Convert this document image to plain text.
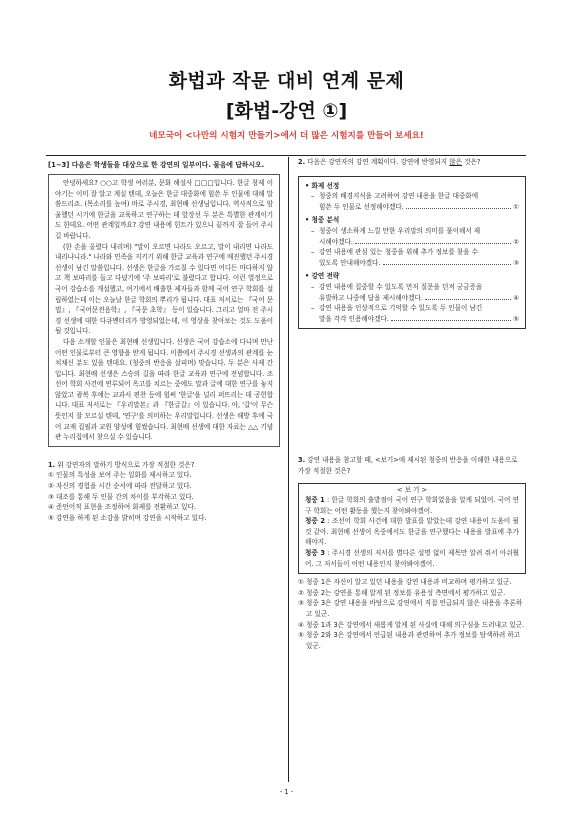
화법과 작문 대비 연계 문제
[화법-강연 ①]
네모국어 <나만의 시험지 만들기>에서 더 많은 시험지를 만들어 보세요!
[1~3] 다음은 학생들을 대상으로 한 강연의 일부이다. 물음에 답하시오.

안녕하세요? ○○고 학생 여러분, 문화 해설사 □□□입니다. 한글 창제 이야기는 이미 잘 알고 계실 텐데, 오늘은 한글 대중화에 힘쓴 두 인물에 대해 말씀드리죠. (목소리를 높여) 바로 주시경, 최현배 선생님입니다. 역사적으로 암울했던 시기에 한글을 교육하고 연구하는 데 앞장선 두 분은 특별한 관계이기도 한데요. 어떤 관계일까요? 강연 내용에 힌트가 있으니 끝까지 잘 들어 주시길 바랍니다.

(한 손을 올렸다 내리며) "말이 오르면 나라도 오르고, 말이 내리면 나라도 내리나니라." 나라와 민족을 지키기 위해 한글 교육과 연구에 매진했던 주시경 선생이 남긴 말씀입니다. 선생은 한글을 가르칠 수 있다면 어디든 마다하지 않고 책 보따리를 들고 다녔기에 '주 보따리'로 불렸다고 합니다. 이런 열정으로 국어 강습소를 개설했고, 여기에서 배출한 제자들과 함께 국어 연구 학회를 설립하였는데 이는 오늘날 한글 학회의 뿌리가 됩니다. 대표 저서로는 『국어 문법』, 『국어문전음학』, 『국문 초학』 등이 있습니다. 그리고 얼마 전 주시경 선생에 대한 다큐멘터리가 방영되었는데, 이 영상을 찾아보는 것도 도움이 될 것입니다.

다음 소개할 인물은 최현배 선생입니다. 선생은 국어 강습소에 다니며 만난 어떤 인물로부터 큰 영향을 받게 됩니다. 이쯤에서 주시경 선생과의 관계를 눈치채신 분도 있을 텐데요. (청중의 반응을 살피며) 맞습니다. 두 분은 사제 간입니다. 최현배 선생은 스승의 길을 따라 한글 교육과 연구에 전념합니다. 조선어 학회 사건에 연루되어 옥고를 치르는 중에도 말과 글에 대한 연구를 놓지 않았고 광복 후에는 교과서 편찬 등에 힘써 '한글'을 널리 퍼뜨리는 데 공헌합니다. 대표 저서로는 『우리말본』과 『한글갈』이 있습니다. 아, '갈'이 무슨 뜻인지 잘 모르실 텐데, '연구'를 의미하는 우리말입니다. 선생은 해방 후에 국어 교재 집필과 교원 양성에 힘썼습니다. 최현배 선생에 대한 자료는 △△ 기념관 누리집에서 찾으실 수 있습니다.

1. 위 강연자의 말하기 방식으로 가장 적절한 것은?
① 인물의 특성을 보여 주는 일화를 제시하고 있다.
② 자신의 경험을 시간 순서에 따라 전달하고 있다.
③ 대조를 통해 두 인물 간의 차이를 부각하고 있다.
④ 준언어적 표현을 조정하여 화제를 전환하고 있다.
⑤ 강연을 하게 된 소감을 밝히며 강연을 시작하고 있다.
2. 다음은 강연자의 강연 계획이다. 강연에 반영되지 않은 것은?
• 화제 선정
– 청중의 배경지식을 고려하여 강연 내용을 한글 대중화에
힘쓴 두 인물로 선정해야겠다.	①
• 청중 분석
– 청중이 생소하게 느낄 만한 우리말의 의미를 풀이해서 제
시해야겠다.	②
– 강연 내용에 관심 있는 청중을 위해 추가 정보를 찾을 수
있도록 안내해야겠다.	③
• 강연 전략
– 강연 내용에 집중할 수 있도록 먼저 질문을 던져 궁금증을
유발하고 나중에 답을 제시해야겠다.	④
– 강연 내용을 인상적으로 기억할 수 있도록 두 인물이 남긴
말을 각각 인용해야겠다.	⑤
3. 강연 내용을 참고할 때, <보기>에 제시된 청중의 반응을 이해한 내용으로 가장 적절한 것은?
< 보 기 >

청중 1 : 한글 학회의 출발점이 국어 연구 학회였음을 알게 되었어. 국어 연구 학회는 어떤 활동을 했는지 찾아봐야겠어.

청중 2 : 조선어 학회 사건에 대한 발표를 맡았는데 강연 내용이 도움이 될 것 같아. 최현배 선생이 옥중에서도 한글을 연구했다는 내용을 발표에 추가해야지.

청중 3 : 주시경 선생의 저서를 별다른 설명 없이 제목만 알려 줘서 아쉬웠어. 그 저서들이 어떤 내용인지 찾아봐야겠어.

① 청중 1은 자신이 알고 있던 내용을 강연 내용과 비교하며 평가하고 있군.
② 청중 2는 강연을 통해 알게 된 정보를 유용성 측면에서 평가하고 있군.
③ 청중 3은 강연 내용을 바탕으로 강연에서 직접 언급되지 않은 내용을 추론하고 있군.
④ 청중 1과 3은 강연에서 새롭게 알게 된 사실에 대해 의구심을 드러내고 있군.
⑤ 청중 2와 3은 강연에서 언급된 내용과 관련하여 추가 정보를 탐색하려 하고 있군.
- 1 -
